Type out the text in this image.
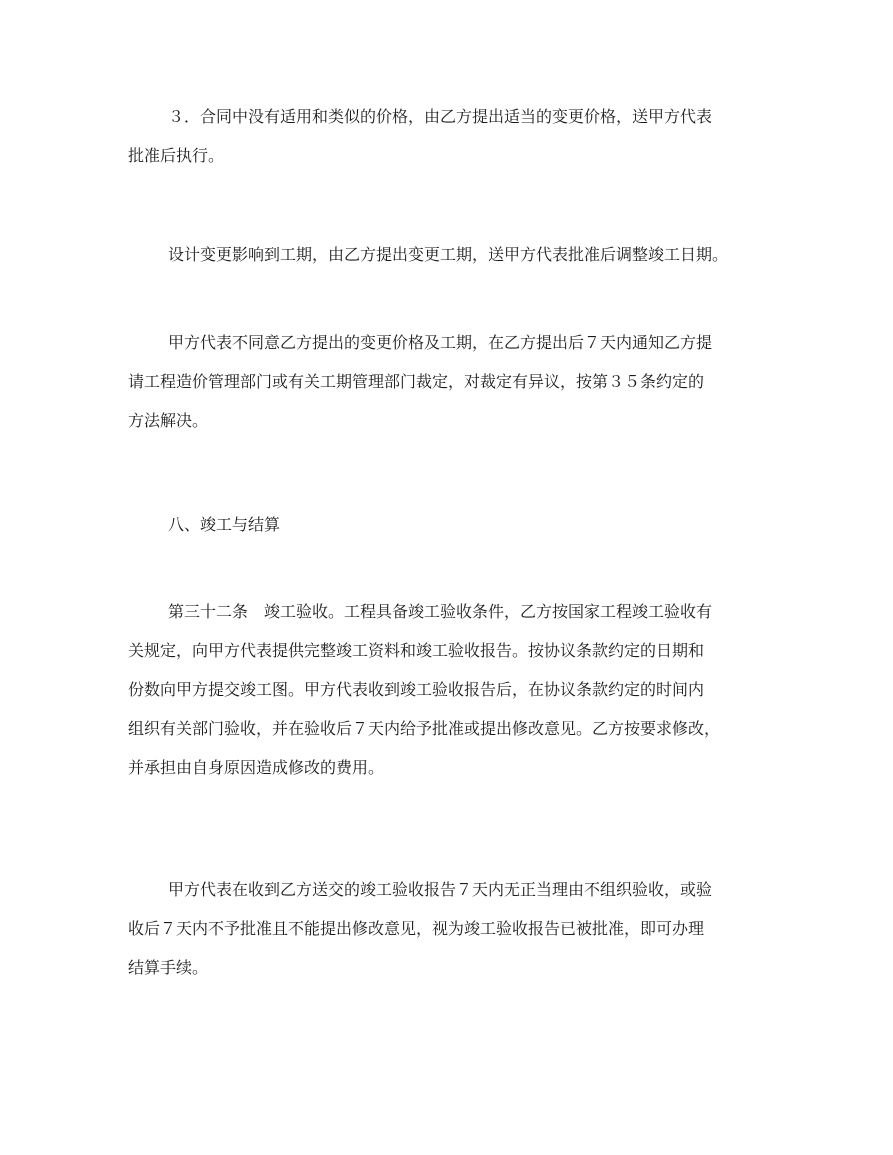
３．合同中没有适用和类似的价格，由乙方提出适当的变更价格，送甲方代表
批准后执行。
设计变更影响到工期，由乙方提出变更工期，送甲方代表批准后调整竣工日期。
甲方代表不同意乙方提出的变更价格及工期，在乙方提出后７天内通知乙方提
请工程造价管理部门或有关工期管理部门裁定，对裁定有异议，按第３５条约定的
方法解决。
八、竣工与结算
第三十二条　竣工验收。工程具备竣工验收条件，乙方按国家工程竣工验收有
关规定，向甲方代表提供完整竣工资料和竣工验收报告。按协议条款约定的日期和
份数向甲方提交竣工图。甲方代表收到竣工验收报告后，在协议条款约定的时间内
组织有关部门验收，并在验收后７天内给予批准或提出修改意见。乙方按要求修改，
并承担由自身原因造成修改的费用。
甲方代表在收到乙方送交的竣工验收报告７天内无正当理由不组织验收，或验
收后７天内不予批准且不能提出修改意见，视为竣工验收报告已被批准，即可办理
结算手续。
